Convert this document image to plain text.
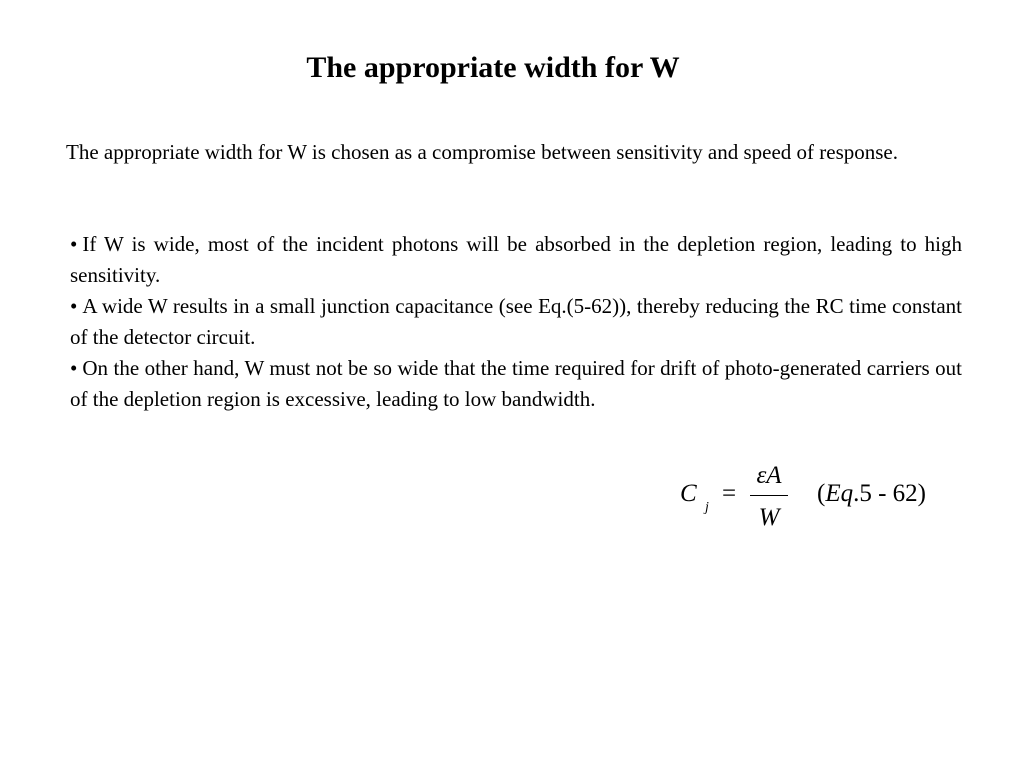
The appropriate width for W

The appropriate width for W is chosen as a compromise between sensitivity and speed of response.

• If W is wide, most of the incident photons will be absorbed in the depletion region, leading to high sensitivity.
• A wide W results in a small junction capacitance (see Eq.(5-62)), thereby reducing the RC time constant of the detector circuit.
• On the other hand, W must not be so wide that the time required for drift of photo-generated carriers out of the depletion region is excessive, leading to low bandwidth.
C
j
=
εA
W
(Eq.5 - 62)
